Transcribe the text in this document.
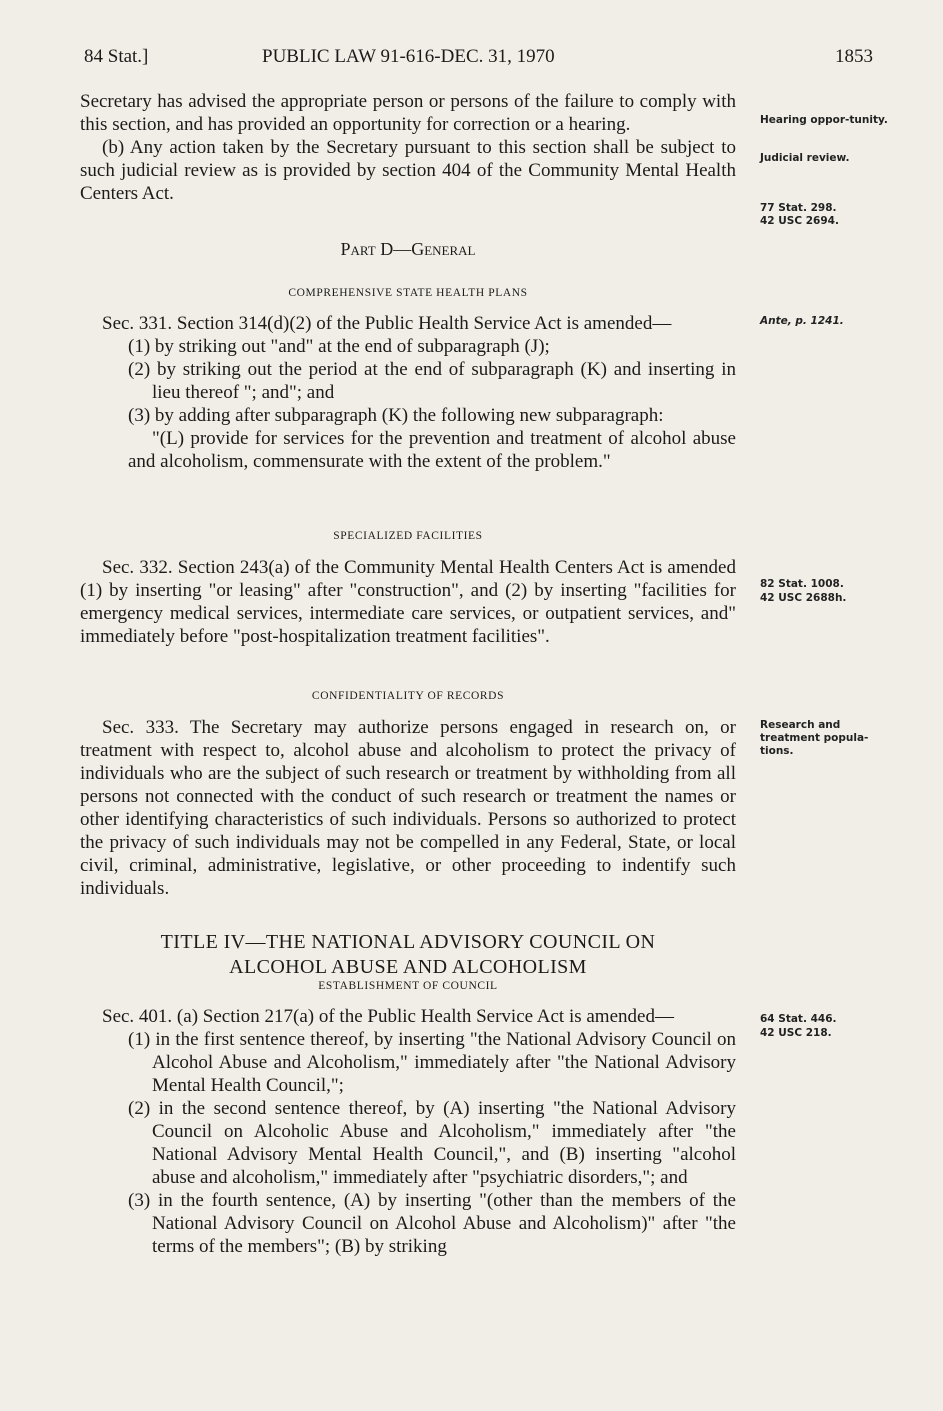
84 Stat.]	PUBLIC LAW 91-616-DEC. 31, 1970	1853
Hearing oppor-tunity.
Judicial review.
77 Stat. 298.
42 USC 2694.
Ante, p. 1241.
82 Stat. 1008.
42 USC 2688h.
Research and treatment popula-tions.
64 Stat. 446.
42 USC 218.

Secretary has advised the appropriate person or persons of the failure to comply with this section, and has provided an opportunity for correction or a hearing.

(b) Any action taken by the Secretary pursuant to this section shall be subject to such judicial review as is provided by section 404 of the Community Mental Health Centers Act.

Part D—General

COMPREHENSIVE STATE HEALTH PLANS

Sec. 331. Section 314(d)(2) of the Public Health Service Act is amended—

(1) by striking out "and" at the end of subparagraph (J);

(2) by striking out the period at the end of subparagraph (K) and inserting in lieu thereof "; and"; and

(3) by adding after subparagraph (K) the following new subparagraph:

"(L) provide for services for the prevention and treatment of alcohol abuse and alcoholism, commensurate with the extent of the problem."

SPECIALIZED FACILITIES

Sec. 332. Section 243(a) of the Community Mental Health Centers Act is amended (1) by inserting "or leasing" after "construction", and (2) by inserting "facilities for emergency medical services, intermediate care services, or outpatient services, and" immediately before "post-hospitalization treatment facilities".

CONFIDENTIALITY OF RECORDS

Sec. 333. The Secretary may authorize persons engaged in research on, or treatment with respect to, alcohol abuse and alcoholism to protect the privacy of individuals who are the subject of such research or treatment by withholding from all persons not connected with the conduct of such research or treatment the names or other identifying characteristics of such individuals. Persons so authorized to protect the privacy of such individuals may not be compelled in any Federal, State, or local civil, criminal, administrative, legislative, or other proceeding to indentify such individuals.

TITLE IV—THE NATIONAL ADVISORY COUNCIL ON

ALCOHOL ABUSE AND ALCOHOLISM

ESTABLISHMENT OF COUNCIL

Sec. 401. (a) Section 217(a) of the Public Health Service Act is amended—

(1) in the first sentence thereof, by inserting "the National Advisory Council on Alcohol Abuse and Alcoholism," immediately after "the National Advisory Mental Health Council,";

(2) in the second sentence thereof, by (A) inserting "the National Advisory Council on Alcoholic Abuse and Alcoholism," immediately after "the National Advisory Mental Health Council,", and (B) inserting "alcohol abuse and alcoholism," immediately after "psychiatric disorders,"; and

(3) in the fourth sentence, (A) by inserting "(other than the members of the National Advisory Council on Alcohol Abuse and Alcoholism)" after "the terms of the members"; (B) by striking
